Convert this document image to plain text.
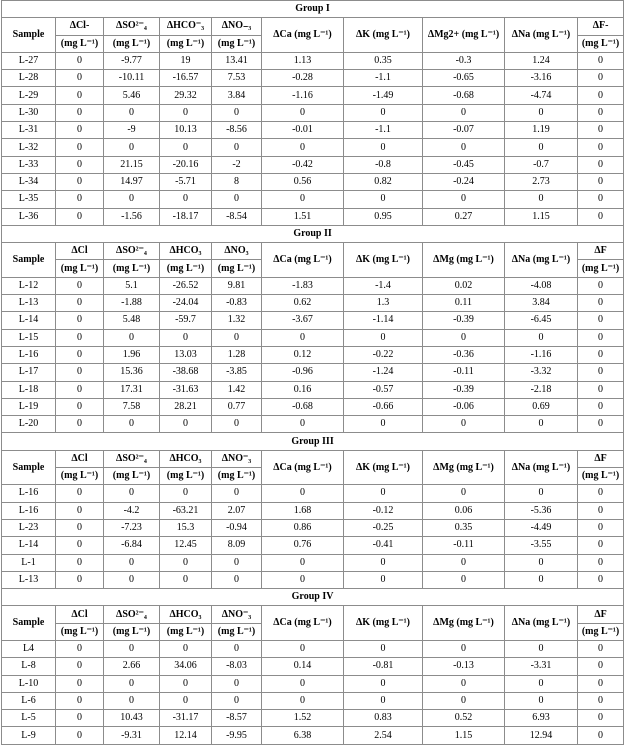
Group I									
Sample	ΔCl-	ΔSO²⁻₄	ΔHCO⁻₃	ΔNO₋₃	ΔCa (mg L⁻¹)	ΔK (mg L⁻¹)	ΔMg2+ (mg L⁻¹)	ΔNa (mg L⁻¹)	ΔF-
	(mg L⁻¹)	(mg L⁻¹)	(mg L⁻¹)	(mg L⁻¹)					(mg L⁻¹)
L-27	0	-9.77	19	13.41	1.13	0.35	-0.3	1.24	0
L-28	0	-10.11	-16.57	7.53	-0.28	-1.1	-0.65	-3.16	0
L-29	0	5.46	29.32	3.84	-1.16	-1.49	-0.68	-4.74	0
L-30	0	0	0	0	0	0	0	0	0
L-31	0	-9	10.13	-8.56	-0.01	-1.1	-0.07	1.19	0
L-32	0	0	0	0	0	0	0	0	0
L-33	0	21.15	-20.16	-2	-0.42	-0.8	-0.45	-0.7	0
L-34	0	14.97	-5.71	8	0.56	0.82	-0.24	2.73	0
L-35	0	0	0	0	0	0	0	0	0
L-36	0	-1.56	-18.17	-8.54	1.51	0.95	0.27	1.15	0
Group II									
Sample	ΔCl	ΔSO²⁻₄	ΔHCO₃	ΔNO₃	ΔCa (mg L⁻¹)	ΔK (mg L⁻¹)	ΔMg (mg L⁻¹)	ΔNa (mg L⁻¹)	ΔF
	(mg L⁻¹)	(mg L⁻¹)	(mg L⁻¹)	(mg L⁻¹)					(mg L⁻¹)
L-12	0	5.1	-26.52	9.81	-1.83	-1.4	0.02	-4.08	0
L-13	0	-1.88	-24.04	-0.83	0.62	1.3	0.11	3.84	0
L-14	0	5.48	-59.7	1.32	-3.67	-1.14	-0.39	-6.45	0
L-15	0	0	0	0	0	0	0	0	0
L-16	0	1.96	13.03	1.28	0.12	-0.22	-0.36	-1.16	0
L-17	0	15.36	-38.68	-3.85	-0.96	-1.24	-0.11	-3.32	0
L-18	0	17.31	-31.63	1.42	0.16	-0.57	-0.39	-2.18	0
L-19	0	7.58	28.21	0.77	-0.68	-0.66	-0.06	0.69	0
L-20	0	0	0	0	0	0	0	0	0
Group III									
Sample	ΔCl	ΔSO²⁻₄	ΔHCO₃	ΔNO⁻₃	ΔCa (mg L⁻¹)	ΔK (mg L⁻¹)	ΔMg (mg L⁻¹)	ΔNa (mg L⁻¹)	ΔF
	(mg L⁻¹)	(mg L⁻¹)	(mg L⁻¹)	(mg L⁻¹)					(mg L⁻¹)
L-16	0	0	0	0	0	0	0	0	0
L-16	0	-4.2	-63.21	2.07	1.68	-0.12	0.06	-5.36	0
L-23	0	-7.23	15.3	-0.94	0.86	-0.25	0.35	-4.49	0
L-14	0	-6.84	12.45	8.09	0.76	-0.41	-0.11	-3.55	0
L-1	0	0	0	0	0	0	0	0	0
L-13	0	0	0	0	0	0	0	0	0
Group IV									
Sample	ΔCl	ΔSO²⁻₄	ΔHCO₃	ΔNO⁻₃	ΔCa (mg L⁻¹)	ΔK (mg L⁻¹)	ΔMg (mg L⁻¹)	ΔNa (mg L⁻¹)	ΔF
	(mg L⁻¹)	(mg L⁻¹)	(mg L⁻¹)	(mg L⁻¹)					(mg L⁻¹)
L4	0	0	0	0	0	0	0	0	0
L-8	0	2.66	34.06	-8.03	0.14	-0.81	-0.13	-3.31	0
L-10	0	0	0	0	0	0	0	0	0
L-6	0	0	0	0	0	0	0	0	0
L-5	0	10.43	-31.17	-8.57	1.52	0.83	0.52	6.93	0
L-9	0	-9.31	12.14	-9.95	6.38	2.54	1.15	12.94	0
